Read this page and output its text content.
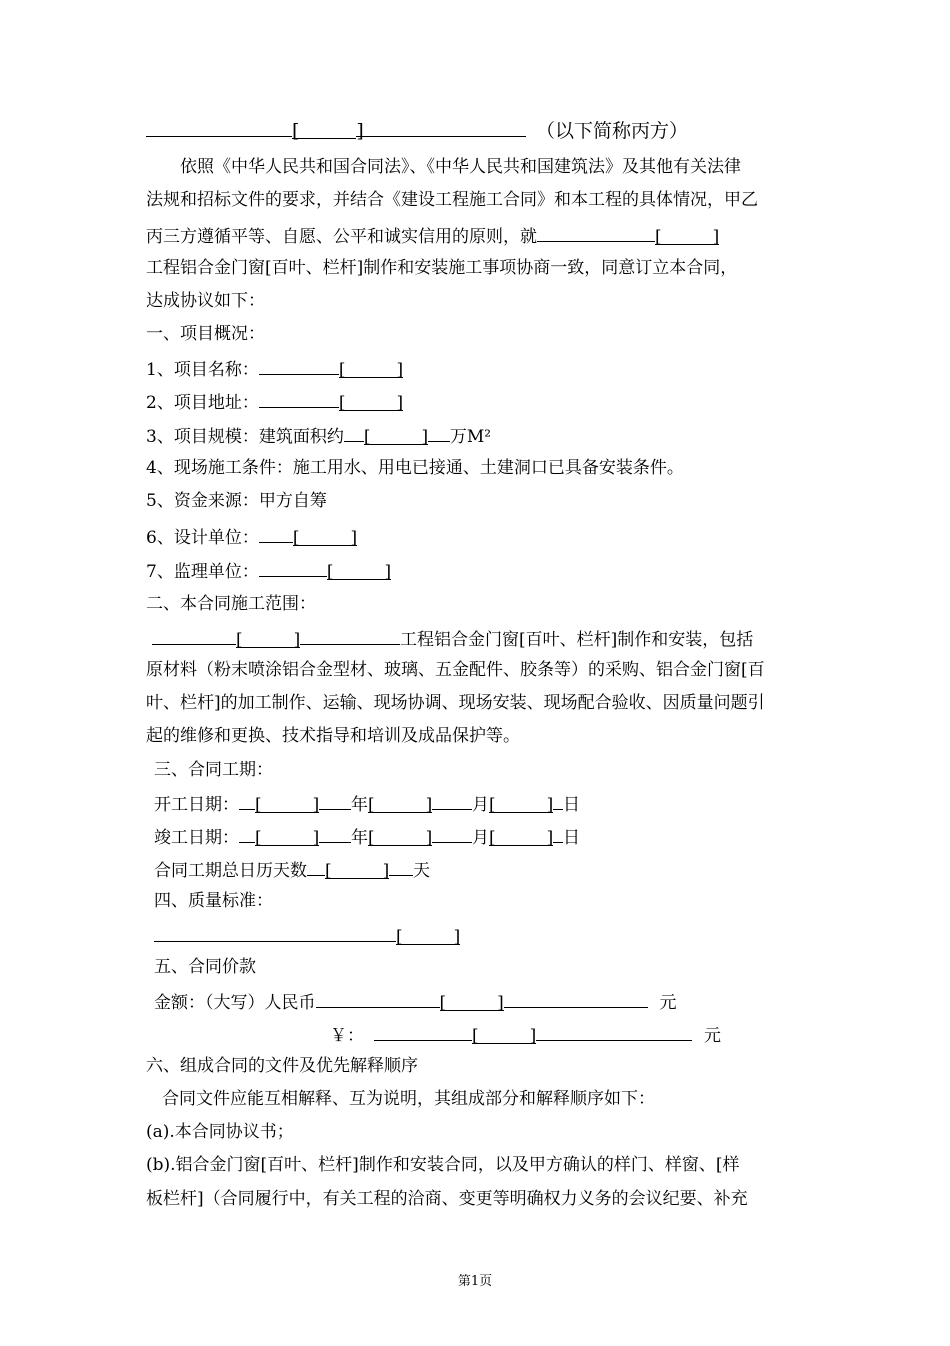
[　　　]	（以下简称丙方）
依照《中华人民共和国合同法》、《中华人民共和国建筑法》及其他有关法律
法规和招标文件的要求，并结合《建设工程施工合同》和本工程的具体情况，甲乙
丙三方遵循平等、自愿、公平和诚实信用的原则，就	[　　　]
工程铝合金门窗[百叶、栏杆]制作和安装施工事项协商一致，同意订立本合同，
达成协议如下：
一、项目概况：
1、项目名称：	[　　　]
2、项目地址：	[　　　]
3、项目规模：建筑面积约 [　　　] 万M²
4、现场施工条件：施工用水、用电已接通、土建洞口已具备安装条件。
5、资金来源：甲方自筹
6、设计单位： [　　　]
7、监理单位：	[　　　]
二、本合同施工范围：
[　　　]	工程铝合金门窗[百叶、栏杆]制作和安装，包括
原材料（粉末喷涂铝合金型材、玻璃、五金配件、胶条等）的采购、铝合金门窗[百
叶、栏杆]的加工制作、运输、现场协调、现场安装、现场配合验收、因质量问题引
起的维修和更换、技术指导和培训及成品保护等。
三、合同工期：
开工日期： [　　　] 年[　　　] 月[　　　] 日
竣工日期： [　　　] 年[　　　] 月[　　　] 日
合同工期总日历天数 [　　　] 天
四、质量标准：
[　　　]
五、合同价款
金额：（大写）人民币	[　　　]	元
￥：	[　　　]	元
六、组成合同的文件及优先解释顺序
合同文件应能互相解释、互为说明，其组成部分和解释顺序如下：
(a).本合同协议书；
(b).铝合金门窗[百叶、栏杆]制作和安装合同，以及甲方确认的样门、样窗、[样
板栏杆]（合同履行中，有关工程的洽商、变更等明确权力义务的会议纪要、补充
第1页
